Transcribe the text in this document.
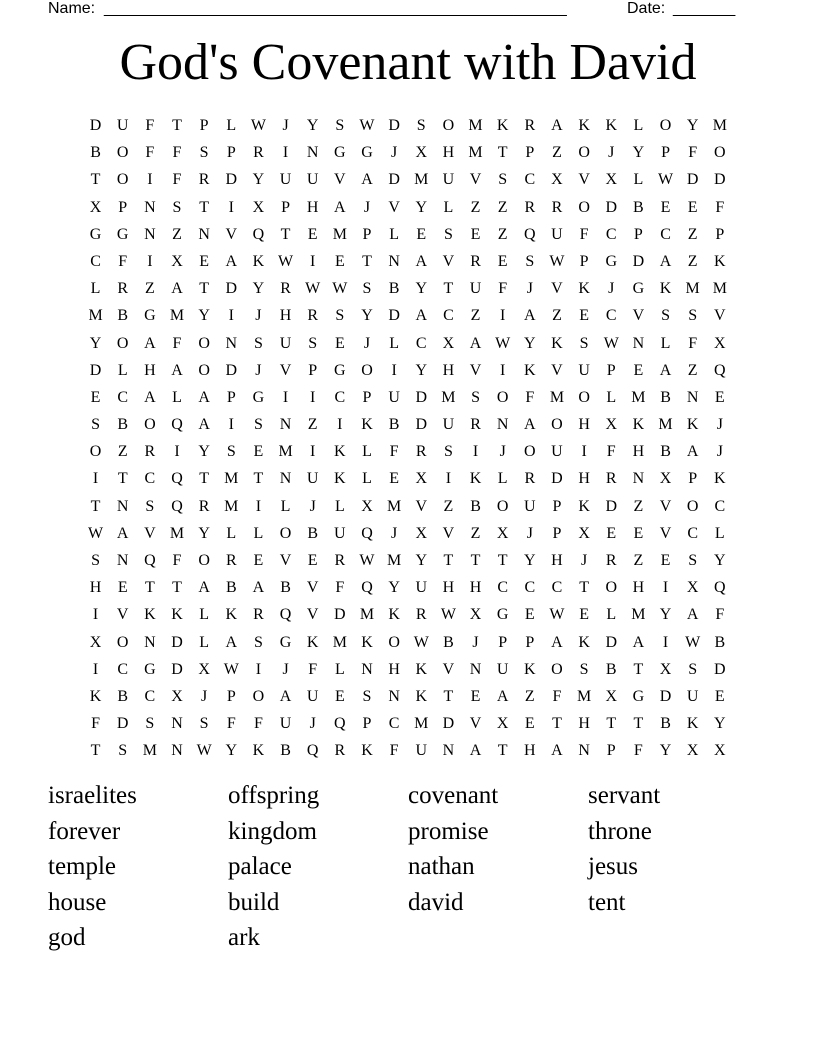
Name: ____________________________________________________	Date: _______
God's Covenant with David
D U	F	T	P	L W	J	Y	S W D	S	O M K	R	A K K	L	O Y M
B	O	F	F	S	P	R	I	N G G	J	X H M T	P	Z	O	J	Y	P	F	O
T	O	I	F	R	D Y U U V A D M U V	S	C	X V X	L W D D
X	P	N	S	T	I	X	P	H A	J	V Y	L	Z	Z	R	R	O D	B	E	E	F
G G N	Z	N V Q	T	E M P	L	E	S	E	Z	Q U	F	C	P	C	Z	P
C	F	I	X	E	A K W	I	E	T	N A V	R	E	S W P	G D A	Z	K
L	R	Z	A	T	D Y	R W W S	B	Y	T	U	F	J	V K	J	G K M M
M B	G M Y	I	J	H	R	S	Y D A	C	Z	I	A	Z	E	C	V	S	S	V
Y O A	F	O N	S	U	S	E	J	L	C	X A W Y K	S W N	L	F	X
D	L	H A O D	J	V	P	G O	I	Y H V	I	K V U	P	E	A	Z	Q
E	C	A	L	A	P	G	I	I	C	P	U D M S	O	F M O	L M B	N	E
S	B	O Q A	I	S	N	Z	I	K	B	D U	R	N A O H X K M K	J
O	Z	R	I	Y	S	E M	I	K	L	F	R	S	I	J	O U	I	F	H	B	A	J
I	T	C	Q	T M T	N U K	L	E	X	I	K	L	R	D H	R	N X	P	K
T	N	S	Q	R M	I	L	J	L	X M V	Z	B	O U	P	K D	Z	V O	C
W A V M Y	L	L	O	B	U Q	J	X V	Z	X	J	P	X	E	E	V	C	L
S	N Q	F	O	R	E	V	E	R W M Y	T	T	T	Y H	J	R	Z	E	S	Y
H	E	T	T	A	B	A	B	V	F	Q Y U H H	C	C	C	T	O H	I	X Q
I	V K K	L	K	R	Q V D M K	R W X G	E W E	L M Y A	F
X O N D	L	A	S	G K M K O W B	J	P	P	A K D A	I	W B
I	C	G D X W	I	J	F	L	N H K V N U K O	S	B	T	X	S	D
K	B	C	X	J	P	O A U	E	S	N K	T	E	A	Z	F M X G D U	E
F	D	S	N	S	F	F	U	J	Q	P	C M D V X	E	T	H	T	T	B	K Y
T	S M N W Y K	B	Q	R	K	F	U N A	T	H A N	P	F	Y X X
israelites	offspring	covenant	servant
forever	kingdom	promise	throne
temple	palace	nathan	jesus
house	build	david	tent
god	ark
